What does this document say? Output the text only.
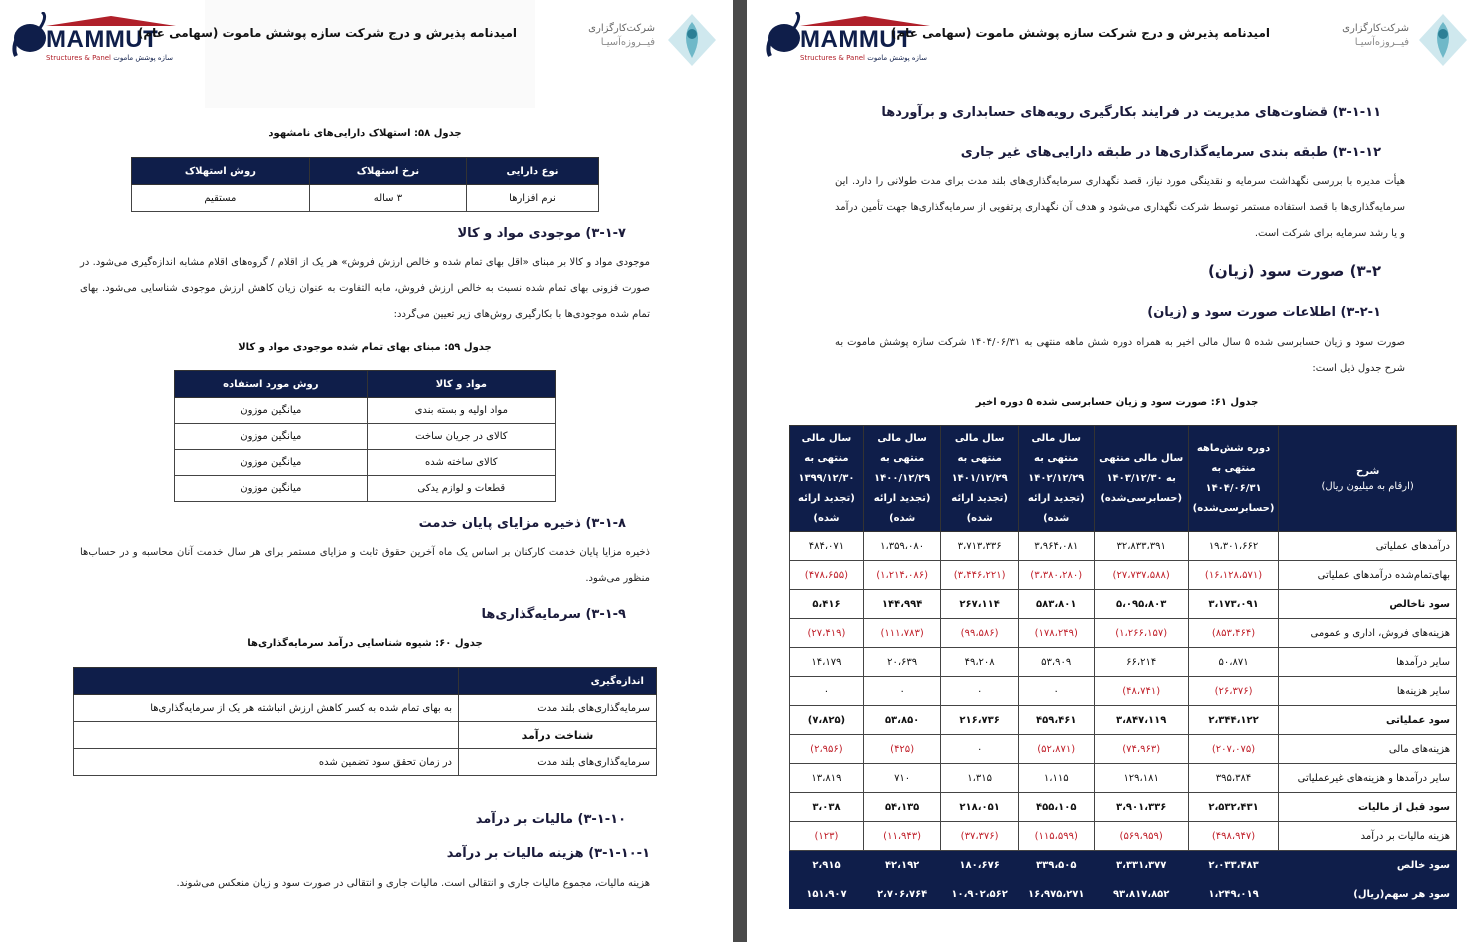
MAMMUT
Structures & Panel سازه پوشش ماموت
امیدنامه پذیرش و درج شرکت سازه پوشش ماموت (سهامی عام)	شرکت‌کارگزاری
فیــروزه‌آسیـا
جدول ۵۸: استهلاک دارایی‌های نامشهود
نوع دارایی	نرخ استهلاک	روش استهلاک
نرم افزارها	۳ ساله	مستقیم
۳-۱-۷) موجودی مواد و کالا
موجودی مواد و کالا بر مبنای «اقل بهای تمام شده و خالص ارزش فروش» هر یک از اقلام / گروه‌های اقلام مشابه اندازه‌گیری می‌شود. در صورت فزونی بهای تمام شده نسبت به خالص ارزش فروش، مابه التفاوت به عنوان زیان کاهش ارزش موجودی شناسایی می‌شود. بهای تمام شده موجودی‌ها با بکارگیری روش‌های زیر تعیین می‌گردد:
جدول ۵۹: مبنای بهای تمام شده موجودی مواد و کالا
مواد و کالا	روش مورد استفاده
مواد اولیه و بسته بندی	میانگین موزون
کالای در جریان ساخت	میانگین موزون
کالای ساخته شده	میانگین موزون
قطعات و لوازم یدکی	میانگین موزون
۳-۱-۸) ذخیره مزایای پایان خدمت
ذخیره مزایا پایان خدمت کارکنان بر اساس یک ماه آخرین حقوق ثابت و مزایای مستمر برای هر سال خدمت آنان محاسبه و در حساب‌ها منظور می‌شود.
۳-۱-۹) سرمایه‌گذاری‌ها
جدول ۶۰: شیوه شناسایی درآمد سرمایه‌گذاری‌ها
اندازه‌گیری	
سرمایه‌گذاری‌های بلند مدت	به بهای تمام شده به کسر کاهش ارزش انباشته هر یک از سرمایه‌گذاری‌ها
شناخت درآمد	
سرمایه‌گذاری‌های بلند مدت	در زمان تحقق سود تضمین شده
۳-۱-۱۰) مالیات بر درآمد
۳-۱-۱۰-۱) هزینه مالیات بر درآمد
هزینه مالیات، مجموع مالیات جاری و انتقالی است. مالیات جاری و انتقالی در صورت سود و زیان منعکس می‌شوند.
MAMMUT
Structures & Panel سازه پوشش ماموت
امیدنامه پذیرش و درج شرکت سازه پوشش ماموت (سهامی عام)	شرکت‌کارگزاری
فیــروزه‌آسیـا
۳-۱-۱۱) قضاوت‌های مدیریت در فرایند بکارگیری رویه‌های حسابداری و برآوردها
۳-۱-۱۲) طبقه بندی سرمایه‌گذاری‌ها در طبقه دارایی‌های غیر جاری
هیأت مدیره با بررسی نگهداشت سرمایه و نقدینگی مورد نیاز، قصد نگهداری سرمایه‌گذاری‌های بلند مدت برای مدت طولانی را دارد. این سرمایه‌گذاری‌ها با قصد استفاده مستمر توسط شرکت نگهداری می‌شود و هدف آن نگهداری پرتفویی از سرمایه‌گذاری‌ها جهت تأمین درآمد و یا رشد سرمایه برای شرکت است.
۳-۲) صورت سود (زیان)
۳-۲-۱) اطلاعات صورت سود و (زیان)
صورت سود و زیان حسابرسی شده ۵ سال مالی اخیر به همراه دوره شش ماهه منتهی به ۱۴۰۴/۰۶/۳۱ شرکت سازه پوشش ماموت به شرح جدول ذیل است:
جدول ۶۱: صورت سود و زیان حسابرسی شده ۵ دوره اخیر
شرح
(ارقام به میلیون ریال)	دوره شش‌ماهه منتهی به ۱۴۰۴/۰۶/۳۱ (حسابرسی‌شده)	سال مالی منتهی به ۱۴۰۳/۱۲/۳۰ (حسابرسی‌شده)	سال مالی منتهی به ۱۴۰۲/۱۲/۲۹ (تجدید ارائه شده)	سال مالی منتهی به ۱۴۰۱/۱۲/۲۹ (تجدید ارائه شده)	سال مالی منتهی به ۱۴۰۰/۱۲/۲۹ (تجدید ارائه شده)	سال مالی منتهی به ۱۳۹۹/۱۲/۳۰ (تجدید ارائه شده)
درآمدهای عملیاتی	۱۹،۳۰۱،۶۶۲	۳۲،۸۳۳،۳۹۱	۳،۹۶۴،۰۸۱	۳،۷۱۳،۳۳۶	۱،۳۵۹،۰۸۰	۴۸۴،۰۷۱
بهای‌تمام‌شده درآمدهای عملیاتی	(۱۶،۱۲۸،۵۷۱)	(۲۷،۷۳۷،۵۸۸)	(۳،۳۸۰،۲۸۰)	(۳،۴۴۶،۲۲۱)	(۱،۲۱۴،۰۸۶)	(۴۷۸،۶۵۵)
سود ناخالص	۳،۱۷۳،۰۹۱	۵،۰۹۵،۸۰۳	۵۸۳،۸۰۱	۲۶۷،۱۱۴	۱۴۴،۹۹۴	۵،۴۱۶
هزینه‌های فروش، اداری و عمومی	(۸۵۳،۴۶۴)	(۱،۲۶۶،۱۵۷)	(۱۷۸،۲۴۹)	(۹۹،۵۸۶)	(۱۱۱،۷۸۳)	(۲۷،۴۱۹)
سایر درآمدها	۵۰،۸۷۱	۶۶،۲۱۴	۵۳،۹۰۹	۴۹،۲۰۸	۲۰،۶۳۹	۱۴،۱۷۹
سایر هزینه‌ها	(۲۶،۳۷۶)	(۴۸،۷۴۱)	۰	۰	۰	۰
سود عملیاتی	۲،۳۴۴،۱۲۲	۳،۸۴۷،۱۱۹	۴۵۹،۴۶۱	۲۱۶،۷۳۶	۵۳،۸۵۰	(۷،۸۲۵)
هزینه‌های مالی	(۲۰۷،۰۷۵)	(۷۴،۹۶۳)	(۵۲،۸۷۱)	۰	(۴۲۵)	(۲،۹۵۶)
سایر درآمدها و هزینه‌های غیرعملیاتی	۳۹۵،۳۸۴	۱۲۹،۱۸۱	۱،۱۱۵	۱،۳۱۵	۷۱۰	۱۳،۸۱۹
سود قبل از مالیات	۲،۵۳۲،۴۳۱	۳،۹۰۱،۳۳۶	۴۵۵،۱۰۵	۲۱۸،۰۵۱	۵۴،۱۳۵	۳،۰۳۸
هزینه مالیات بر درآمد	(۴۹۸،۹۴۷)	(۵۶۹،۹۵۹)	(۱۱۵،۵۹۹)	(۳۷،۳۷۶)	(۱۱،۹۴۳)	(۱۲۳)
سود خالص	۲،۰۳۳،۴۸۳	۳،۳۳۱،۳۷۷	۳۳۹،۵۰۵	۱۸۰،۶۷۶	۴۲،۱۹۲	۲،۹۱۵
سود هر سهم(ریال)	۱،۲۴۹،۰۱۹	۹۳،۸۱۷،۸۵۲	۱۶،۹۷۵،۲۷۱	۱۰،۹۰۲،۵۶۲	۲،۷۰۶،۷۶۴	۱۵۱،۹۰۷
